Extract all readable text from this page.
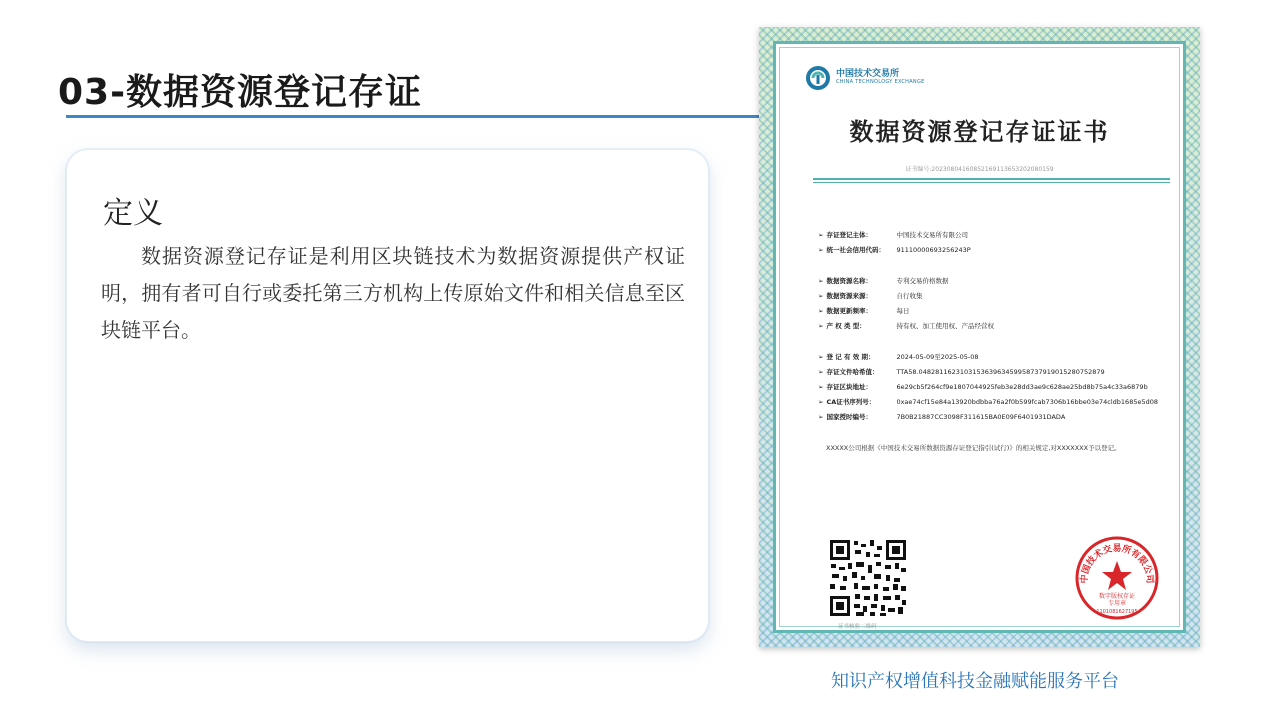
03-数据资源登记存证
定义
数据资源登记存证是利用区块链技术为数据资源提供产权证明，拥有者可自行或委托第三方机构上传原始文件和相关信息至区块链平台。
中国技术交易所
CHINA TECHNOLOGY EXCHANGE
数据资源登记存证证书
证书编号:20230804160852169113653202080159
➢ 存证登记主体：	中国技术交易所有限公司
➢ 统一社会信用代码： 91110000693256243P
➢ 数据资源名称：	专利交易价格数据
➢ 数据资源来源：	自行收集
➢ 数据更新频率：	每日
➢ 产 权 类 型：	持有权、加工使用权、产品经营权
➢ 登 记 有 效 期：	2024-05-09至2025-05-08
➢ 存证文件哈希值：	TTA58.048281162310315363963459958737919015280752879
➢ 存证区块地址：	6e29cb5f264cf9e1807044925feb3e28dd3ae9c628ae25bd8b75a4c33a6879b
➢ CA证书序列号：	0xae74cf15e84a13920bdbba76a2f0b599fcab7306b16bbe03e74cldb1685e5d08
➢ 国家授时编号：	7B0B21887CC3098F311615BA0E09F6401931DADA
XXXXX公司根据《中国技术交易所数据资源存证登记指引(试行)》的相关规定,对XXXXXXX予以登记。
证书核验二维码
中国技术交易所有限公司
数字版权存证
专用章
1101081627195
知识产权增值科技金融赋能服务平台
